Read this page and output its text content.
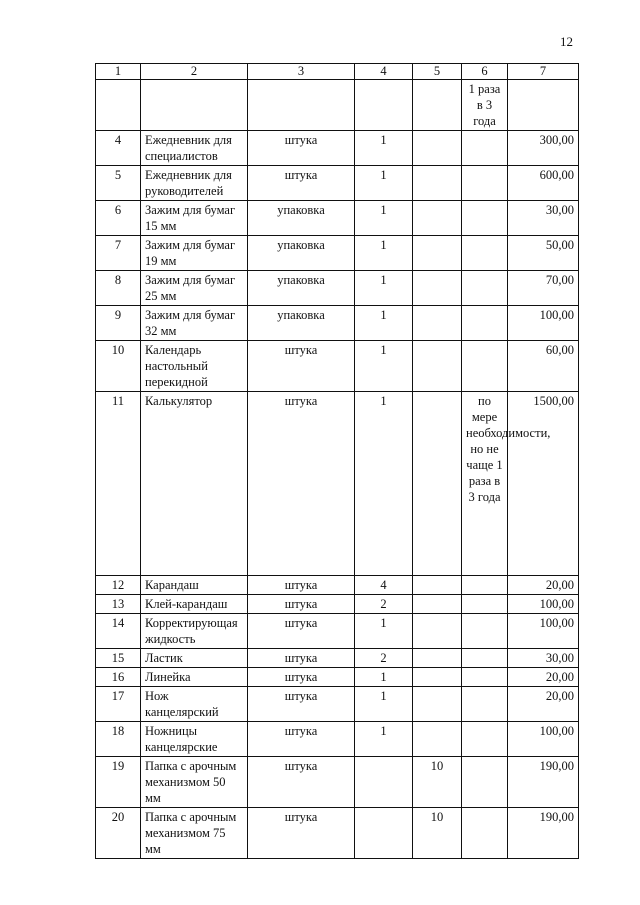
12
1	2	3	4	5	6	7
					1 раза в 3 года	
4	Ежедневник для специалистов	штука	1			300,00
5	Ежедневник для руководителей	штука	1			600,00
6	Зажим для бумаг 15 мм	упаковка	1			30,00
7	Зажим для бумаг 19 мм	упаковка	1			50,00
8	Зажим для бумаг 25 мм	упаковка	1			70,00
9	Зажим для бумаг 32 мм	упаковка	1			100,00
10	Календарь настольный перекидной	штука	1			60,00
11	Калькулятор	штука	1		по мере необходимости, но не чаще 1 раза в 3 года	1500,00
12	Карандаш	штука	4			20,00
13	Клей-карандаш	штука	2			100,00
14	Корректирующая жидкость	штука	1			100,00
15	Ластик	штука	2			30,00
16	Линейка	штука	1			20,00
17	Нож канцелярский	штука	1			20,00
18	Ножницы канцелярские	штука	1			100,00
19	Папка с арочным механизмом 50 мм	штука		10		190,00
20	Папка с арочным механизмом 75 мм	штука		10		190,00
